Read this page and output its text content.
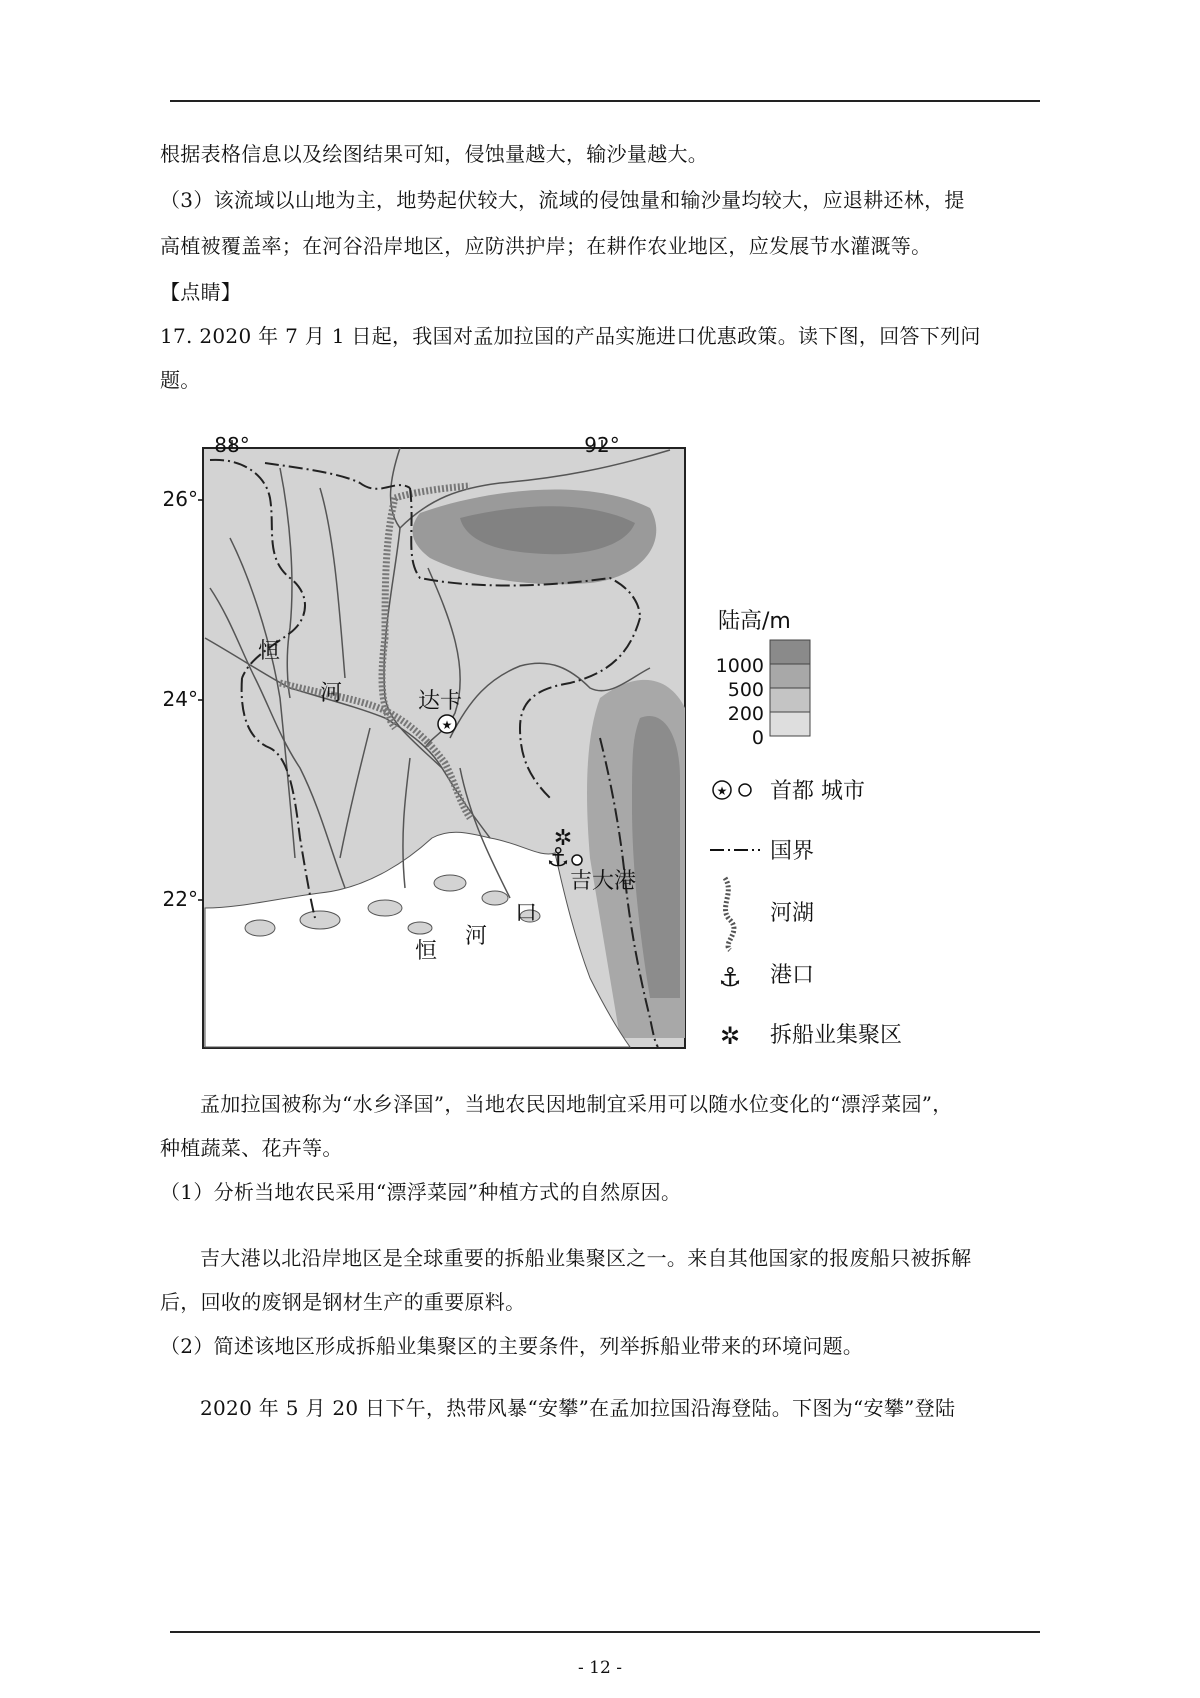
根据表格信息以及绘图结果可知，侵蚀量越大，输沙量越大。
（3）该流域以山地为主，地势起伏较大，流域的侵蚀量和输沙量均较大，应退耕还林，提
高植被覆盖率；在河谷沿岸地区，应防洪护岸；在耕作农业地区，应发展节水灌溉等。
【点睛】
17. 2020 年 7 月 1 日起，我国对孟加拉国的产品实施进口优惠政策。读下图，回答下列问
题。
★
⚓
✲
88°	92°
26°
24°
22°
恒
河	达卡
吉大港
恒
河
口
陆高/m
1000
500
200
0
★ 首都 城市
国界
河湖
⚓ 港口
✲ 拆船业集聚区
孟加拉国被称为“水乡泽国”，当地农民因地制宜采用可以随水位变化的“漂浮菜园”，
种植蔬菜、花卉等。
（1）分析当地农民采用“漂浮菜园”种植方式的自然原因。
吉大港以北沿岸地区是全球重要的拆船业集聚区之一。来自其他国家的报废船只被拆解
后，回收的废钢是钢材生产的重要原料。
（2）简述该地区形成拆船业集聚区的主要条件，列举拆船业带来的环境问题。
2020 年 5 月 20 日下午，热带风暴“安攀”在孟加拉国沿海登陆。下图为“安攀”登陆
- 12 -
